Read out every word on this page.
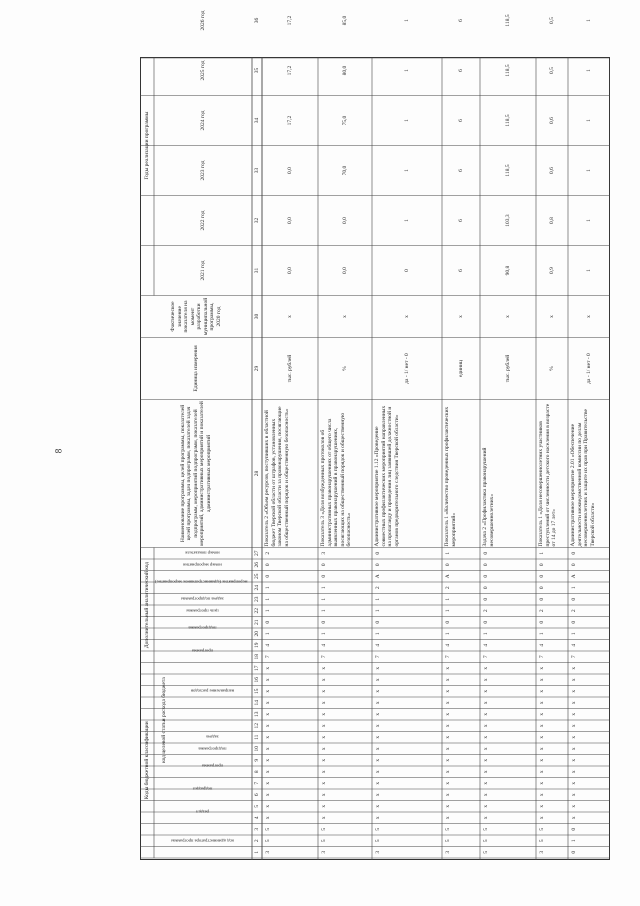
8
Коды бюджетной классификации
Дополнительный аналитический код
Наименование программы, целей программы, показателей целей программы, задач подпрограмм, показателей задач подпрограмм, мероприятий подпрограмм, показателей мероприятий, административных мероприятий и показателей административных мероприятий
Единица измерения
Фактическое значение показателя на момент разработки муниципальной программы, 2020 год
Годы реализации программы
2021 год
2022 год
2023 год
2024 год
2025 год
2026 год
код администратора программы
раздел
подраздел
код целевой статьи расхода бюджета
программа
подпрограмма
задача
направление расходов
программа
подпрограмма
цель программы
задача подпрограммы
мероприятие (административное мероприятие)
номер мероприятия
номер показателя
1
2
3
4
5
6
7
8
9
10
11
12
13
14
15
16
17
18
19
20
21
22
23
24
25
26
27
28
29
30
31
32
33
34
35
36
3
5
5
x
x
x
x
x
x
x
x
x
x
x
x
x
x
7
4
1
0
1
1
1
0
0
2
Показатель 2 «Объем ресурсов, поступивших в областной бюджет Тверской области от штрафов, установленных законом Тверской области за правонарушения, посягающие на общественный порядок и общественную безопасность»
тыс. рублей
x
0,0
0,0
0,0
17,2
17,2
17,2
3
5
5
x
x
x
x
x
x
x
x
x
x
x
x
x
x
7
4
1
0
1
1
1
0
0
3
Показатель 3 «Доля возбужденных протоколов об административных правонарушениях от общего числа выявленных правонарушений в правонарушениях, посягающих на общественный порядок и общественную безопасность»
%
x
0,0
0,0
70,0
75,0
80,0
85,0
3
5
5
x
x
x
x
x
x
x
x
x
x
x
x
x
x
7
4
1
0
1
1
2
А
0
0
Административное мероприятие 1.12 «Проведение совместных профилактических мероприятий направленных на пропаганду и проведения лиц заявившей должностной и органов предварительного следствия Тверской области»
да - 1/ нет - 0
x
0
1
1
1
1
1
3
5
5
x
x
x
x
x
x
x
x
x
x
x
x
x
x
7
4
1
0
1
1
2
А
0
1
Показатель 1 «Количество проведенных профилактических мероприятий»
единиц
x
6
6
6
6
6
6
5
5
5
x
x
x
x
x
x
x
x
x
x
x
x
x
x
7
4
1
0
2
0
0
0
0
0
Задача 2 «Профилактика правонарушений несовершеннолетних»
тыс. рублей
x
90,8
103,3
118,5
118,5
118,5
118,5
3
5
5
x
x
x
x
x
x
x
x
x
x
x
x
x
x
7
4
1
0
2
0
0
0
0
1
Показатель 1 «Доля несовершеннолетних участников преступлений от численности детского населения в возрасте от 14 до 17 лет»
%
x
0,9
0,8
0,6
0,6
0,5
0,5
0
1
0
x
x
x
x
x
x
x
x
x
x
x
x
x
x
7
4
1
0
2
0
1
А
0
0
Административное мероприятие 2.01 «Обеспечение деятельности межведомственной комиссии по делам несовершеннолетних и защите их прав при Правительстве Тверской области»
да - 1/ нет - 0
x
1
1
1
1
1
1
